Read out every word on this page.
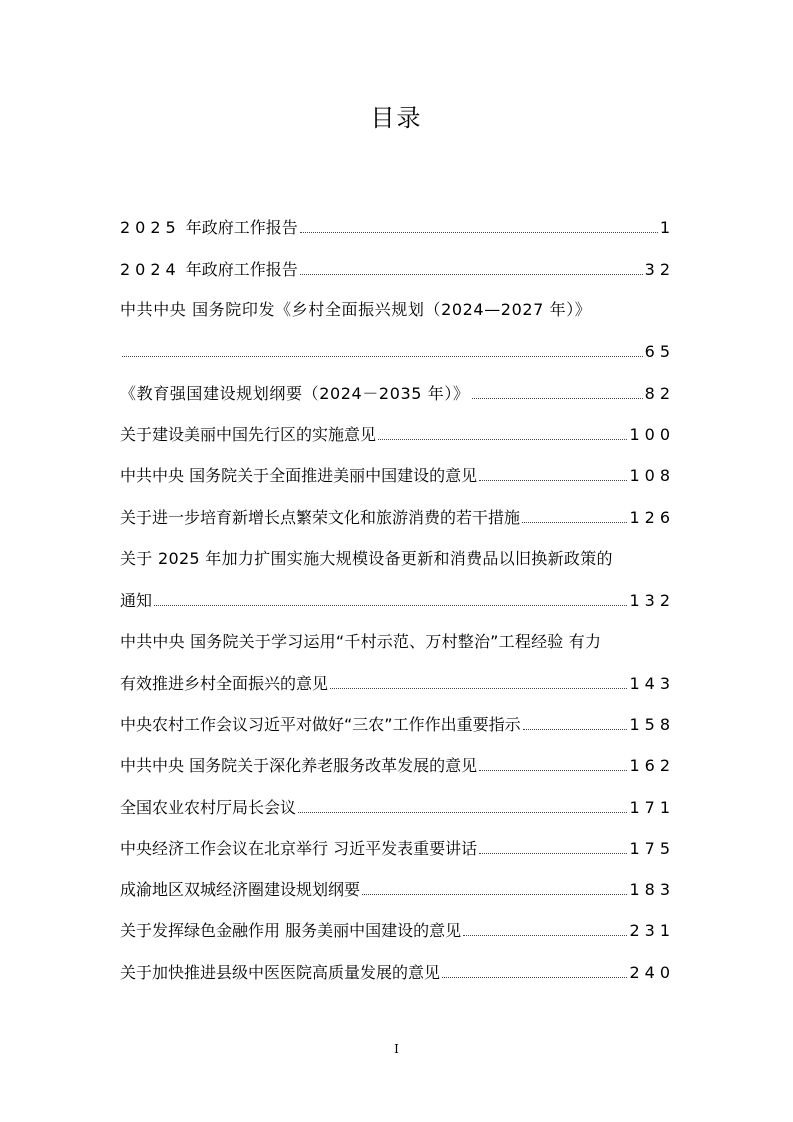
目录
2025 年政府工作报告	1
2024 年政府工作报告	32
中共中央 国务院印发《乡村全面振兴规划（2024—2027 年）》
65
《教育强国建设规划纲要（2024－2035 年）》	82
关于建设美丽中国先行区的实施意见	100
中共中央 国务院关于全面推进美丽中国建设的意见	108
关于进一步培育新增长点繁荣文化和旅游消费的若干措施	126
关于 2025 年加力扩围实施大规模设备更新和消费品以旧换新政策的
通知	132
中共中央 国务院关于学习运用“千村示范、万村整治”工程经验 有力
有效推进乡村全面振兴的意见	143
中央农村工作会议习近平对做好“三农”工作作出重要指示	158
中共中央 国务院关于深化养老服务改革发展的意见	162
全国农业农村厅局长会议	171
中央经济工作会议在北京举行 习近平发表重要讲话	175
成渝地区双城经济圈建设规划纲要	183
关于发挥绿色金融作用 服务美丽中国建设的意见	231
关于加快推进县级中医医院高质量发展的意见	240
I
